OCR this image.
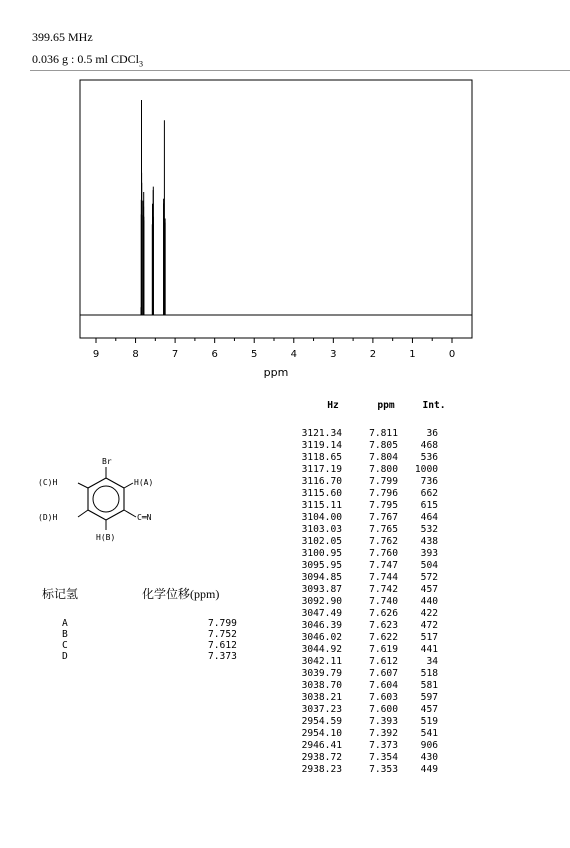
399.65 MHz
0.036 g : 0.5 ml CDCl$_3$
9	8	7	6	5	4	3	2	1	0
ppm
Hz	ppm	Int.
3121.34	7.811	36
3119.14	7.805	468
3118.65	7.804	536
3117.19	7.800	1000
3116.70	7.799	736
3115.60	7.796	662
3115.11	7.795	615
3104.00	7.767	464
3103.03	7.765	532
3102.05	7.762	438
3100.95	7.760	393
3095.95	7.747	504
3094.85	7.744	572
3093.87	7.742	457
3092.90	7.740	440
3047.49	7.626	422
3046.39	7.623	472
3046.02	7.622	517
3044.92	7.619	441
3042.11	7.612	34
3039.79	7.607	518
3038.70	7.604	581
3038.21	7.603	597
3037.23	7.600	457
2954.59	7.393	519
2954.10	7.392	541
2946.41	7.373	906
2938.72	7.354	430
2938.23	7.353	449
Br
H(A)
H(B)
(C)H
(D)H	C═N
标记氢	化学位移(ppm)
A	7.799
B	7.752
C	7.612
D	7.373
